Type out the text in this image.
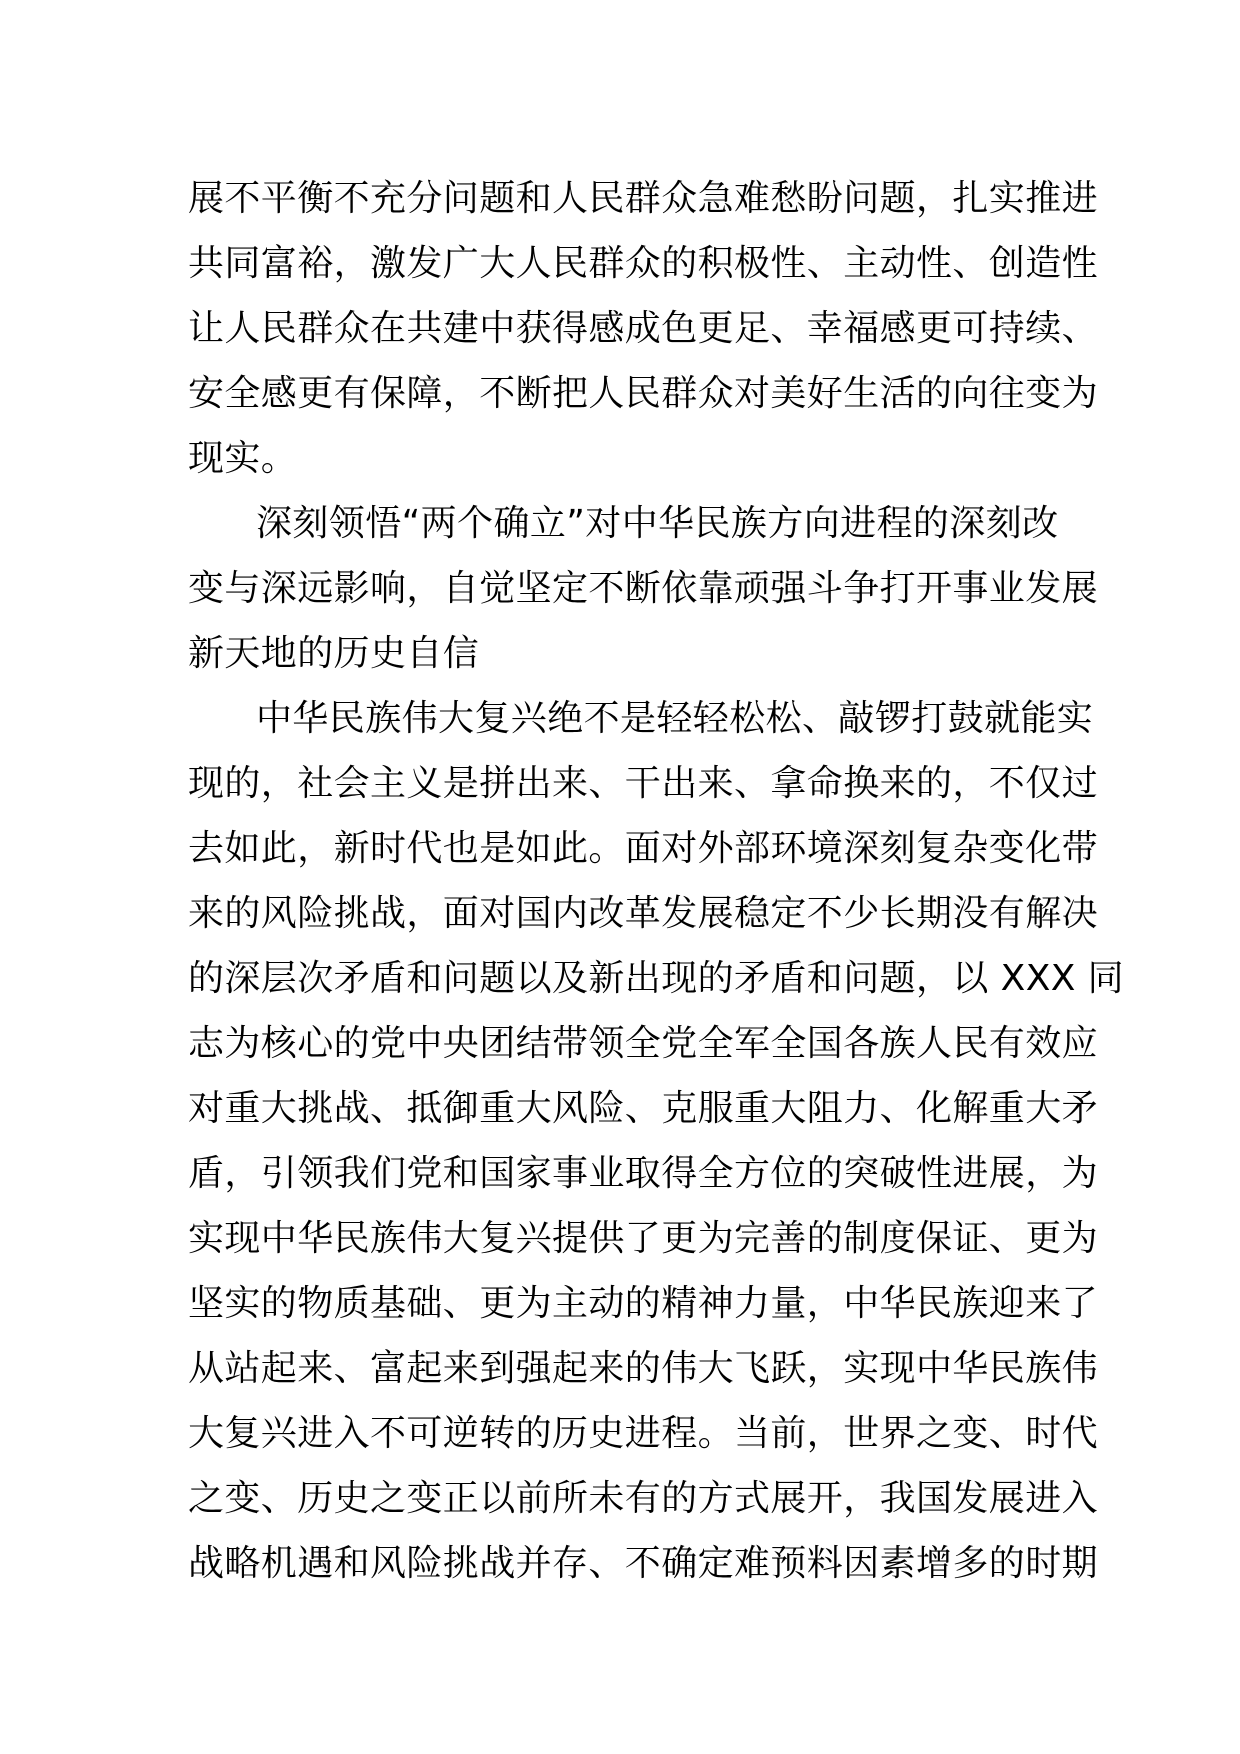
展不平衡不充分问题和人民群众急难愁盼问题，扎实推进
共同富裕，激发广大人民群众的积极性、主动性、创造性
让人民群众在共建中获得感成色更足、幸福感更可持续、
安全感更有保障，不断把人民群众对美好生活的向往变为
现实。
深刻领悟“两个确立”对中华民族方向进程的深刻改
变与深远影响，自觉坚定不断依靠顽强斗争打开事业发展
新天地的历史自信
中华民族伟大复兴绝不是轻轻松松、敲锣打鼓就能实
现的，社会主义是拼出来、干出来、拿命换来的，不仅过
去如此，新时代也是如此。面对外部环境深刻复杂变化带
来的风险挑战，面对国内改革发展稳定不少长期没有解决
的深层次矛盾和问题以及新出现的矛盾和问题，以 XXX 同
志为核心的党中央团结带领全党全军全国各族人民有效应
对重大挑战、抵御重大风险、克服重大阻力、化解重大矛
盾，引领我们党和国家事业取得全方位的突破性进展，为
实现中华民族伟大复兴提供了更为完善的制度保证、更为
坚实的物质基础、更为主动的精神力量，中华民族迎来了
从站起来、富起来到强起来的伟大飞跃，实现中华民族伟
大复兴进入不可逆转的历史进程。当前，世界之变、时代
之变、历史之变正以前所未有的方式展开，我国发展进入
战略机遇和风险挑战并存、不确定难预料因素增多的时期
